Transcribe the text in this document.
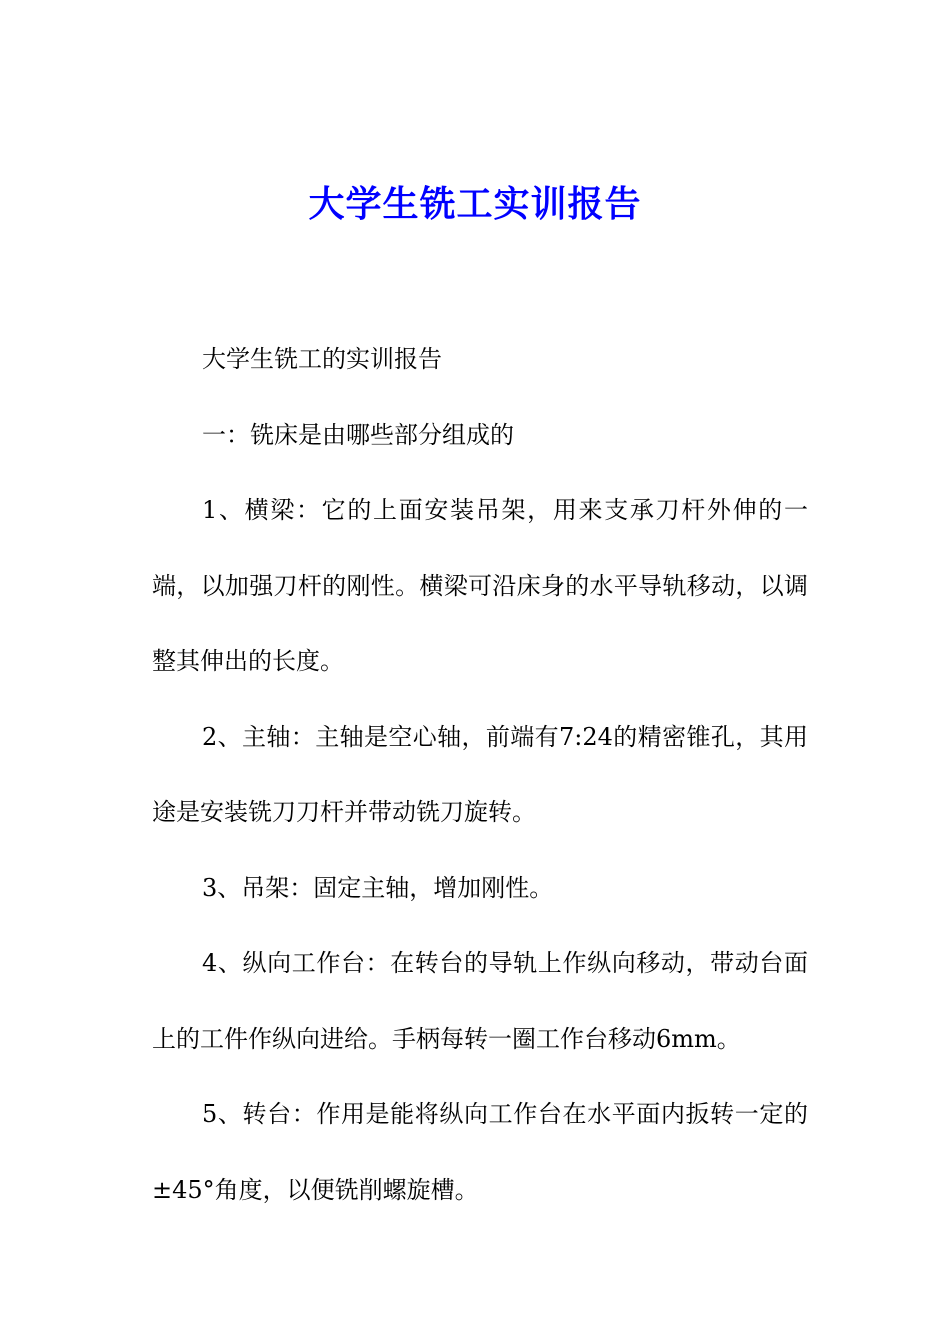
大学生铣工实训报告

大学生铣工的实训报告

一：铣床是由哪些部分组成的

1、横梁：它的上面安装吊架，用来支承刀杆外伸的一端，以加强刀杆的刚性。横梁可沿床身的水平导轨移动，以调整其伸出的长度。

2、主轴：主轴是空心轴，前端有7:24的精密锥孔，其用途是安装铣刀刀杆并带动铣刀旋转。

3、吊架：固定主轴，增加刚性。

4、纵向工作台：在转台的导轨上作纵向移动，带动台面上的工件作纵向进给。手柄每转一圈工作台移动6mm。

5、转台：作用是能将纵向工作台在水平面内扳转一定的±45°角度，以便铣削螺旋槽。
